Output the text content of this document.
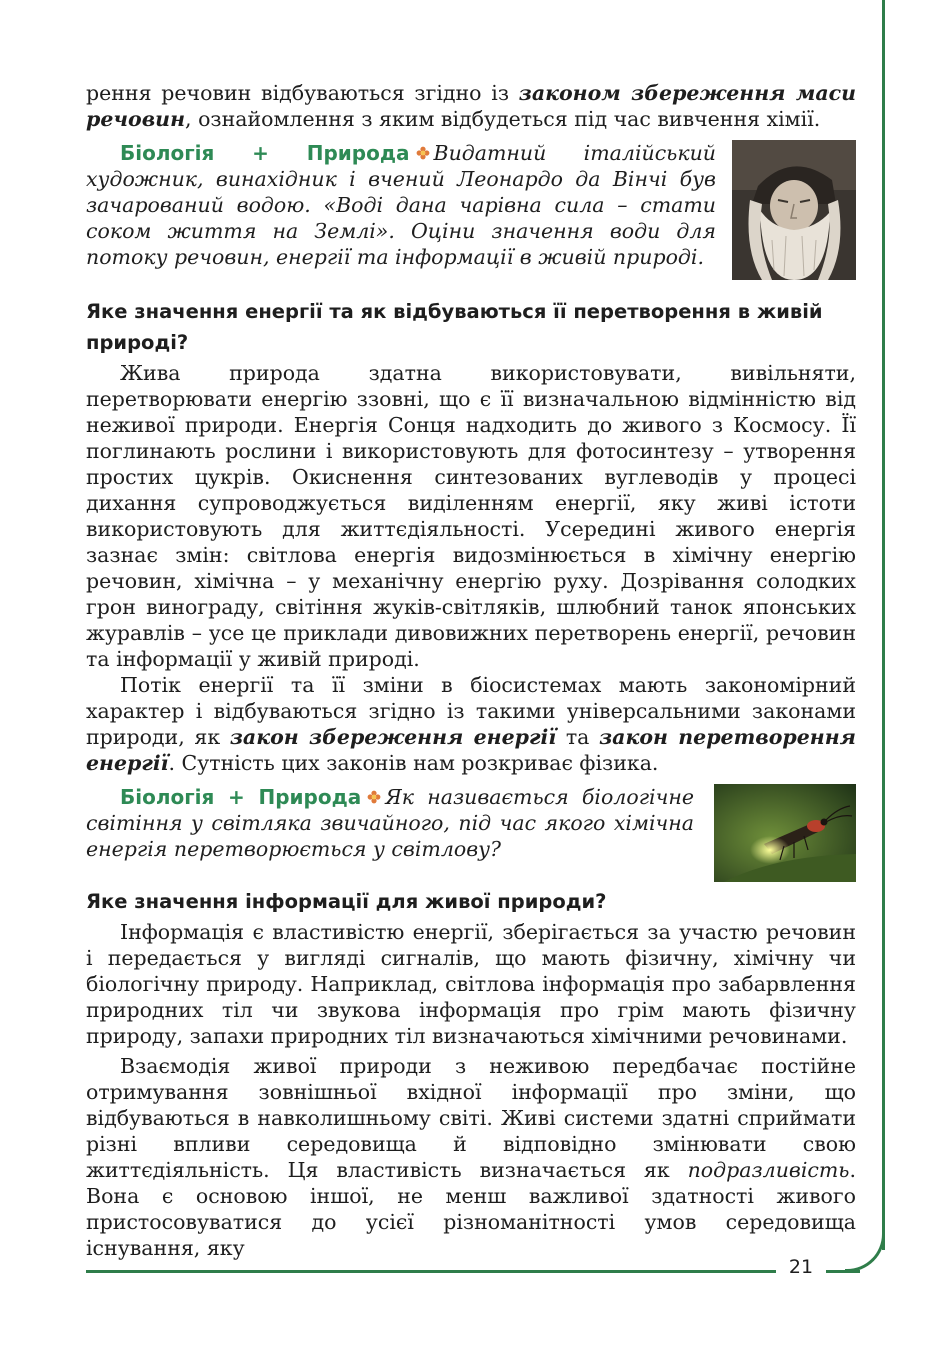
21

рення речовин відбуваються згідно із законом збереження маси речовин, ознайомлення з яким відбудеться під час вивчення хімії.

Біологія + Природа Видатний італійський художник, винахідник і вчений Леонардо да Вінчі був зачарований водою. «Воді дана чарівна сила – стати соком життя на Землі». Оціни значення води для потоку речовин, енергії та інформації в живій природі.

Яке значення енергії та як відбуваються її перетворення в живій природі?

Жива природа здатна використовувати, вивільняти, перетворювати енергію ззовні, що є її визначальною відмінністю від неживої природи. Енергія Сонця надходить до живого з Космосу. Її поглинають рослини і використовують для фотосинтезу – утворення простих цукрів. Окиснення синтезованих вуглеводів у процесі дихання супроводжується виділенням енергії, яку живі істоти використовують для життєдіяльності. Усередині живого енергія зазнає змін: світлова енергія видозмінюється в хімічну енергію речовин, хімічна – у механічну енергію руху. Дозрівання солодких грон винограду, світіння жуків-світляків, шлюбний танок японських журавлів – усе це приклади дивовижних перетворень енергії, речовин та інформації у живій природі.

Потік енергії та її зміни в біосистемах мають закономірний характер і відбуваються згідно із такими універсальними законами природи, як закон збереження енергії та закон перетворення енергії. Сутність цих законів нам розкриває фізика.

Біологія + Природа Як називається біологічне світіння у світляка звичайного, під час якого хімічна енергія перетворюється у світлову?

Яке значення інформації для живої природи?

Інформація є властивістю енергії, зберігається за участю речовин і передається у вигляді сигналів, що мають фізичну, хімічну чи біологічну природу. Наприклад, світлова інформація про забарвлення природних тіл чи звукова інформація про грім мають фізичну природу, запахи природних тіл визначаються хімічними речовинами.

Взаємодія живої природи з неживою передбачає постійне отримування зовнішньої вхідної інформації про зміни, що відбуваються в навколишньому світі. Живі системи здатні сприймати різні впливи середовища й відповідно змінювати свою життєдіяльність. Ця властивість визначається як подразливість. Вона є основою іншої, не менш важливої здатності живого пристосовуватися до усієї різноманітності умов середовища існування, яку
